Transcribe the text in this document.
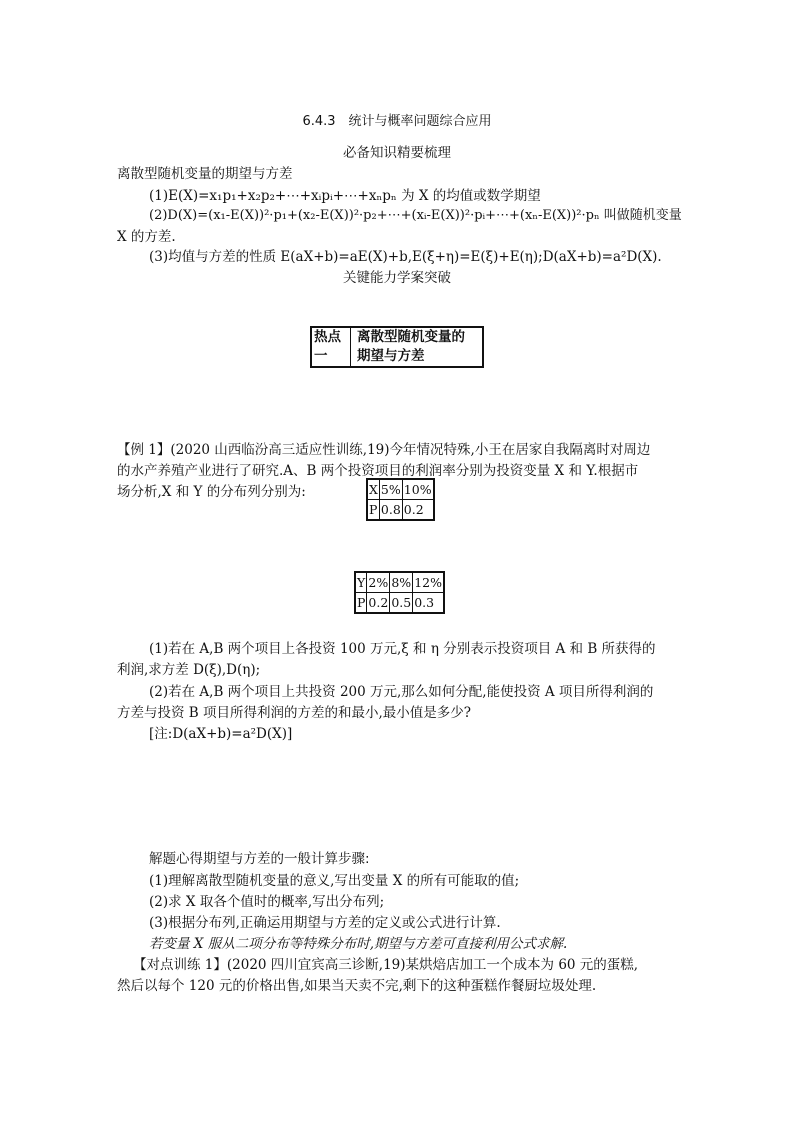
6.4.3　统计与概率问题综合应用
必备知识精要梳理
离散型随机变量的期望与方差
(1)E(X)=x₁p₁+x₂p₂+⋯+xᵢpᵢ+⋯+xₙpₙ 为 X 的均值或数学期望
(2)D(X)=(x₁-E(X))²·p₁+(x₂-E(X))²·p₂+⋯+(xᵢ-E(X))²·pᵢ+⋯+(xₙ-E(X))²·pₙ 叫做随机变量
X 的方差.
(3)均值与方差的性质 E(aX+b)=aE(X)+b,E(ξ+η)=E(ξ)+E(η);D(aX+b)=a²D(X).
关键能力学案突破
热点
一

离散型随机变量的
期望与方差
【例 1】(2020 山西临汾高三适应性训练,19)今年情况特殊,小王在居家自我隔离时对周边
的水产养殖产业进行了研究.A、B 两个投资项目的利润率分别为投资变量 X 和 Y.根据市
场分析,X 和 Y 的分布列分别为:	X	5%	10%
P	0.8	0.2
Y	2%	8%	12%
P	0.2	0.5	0.3
(1)若在 A,B 两个项目上各投资 100 万元,ξ 和 η 分别表示投资项目 A 和 B 所获得的
利润,求方差 D(ξ),D(η);
(2)若在 A,B 两个项目上共投资 200 万元,那么如何分配,能使投资 A 项目所得利润的
方差与投资 B 项目所得利润的方差的和最小,最小值是多少?
[注:D(aX+b)=a²D(X)]
解题心得期望与方差的一般计算步骤:
(1)理解离散型随机变量的意义,写出变量 X 的所有可能取的值;
(2)求 X 取各个值时的概率,写出分布列;
(3)根据分布列,正确运用期望与方差的定义或公式进行计算.
若变量 X 服从二项分布等特殊分布时,期望与方差可直接利用公式求解.
【对点训练 1】(2020 四川宜宾高三诊断,19)某烘焙店加工一个成本为 60 元的蛋糕,
然后以每个 120 元的价格出售,如果当天卖不完,剩下的这种蛋糕作餐厨垃圾处理.
